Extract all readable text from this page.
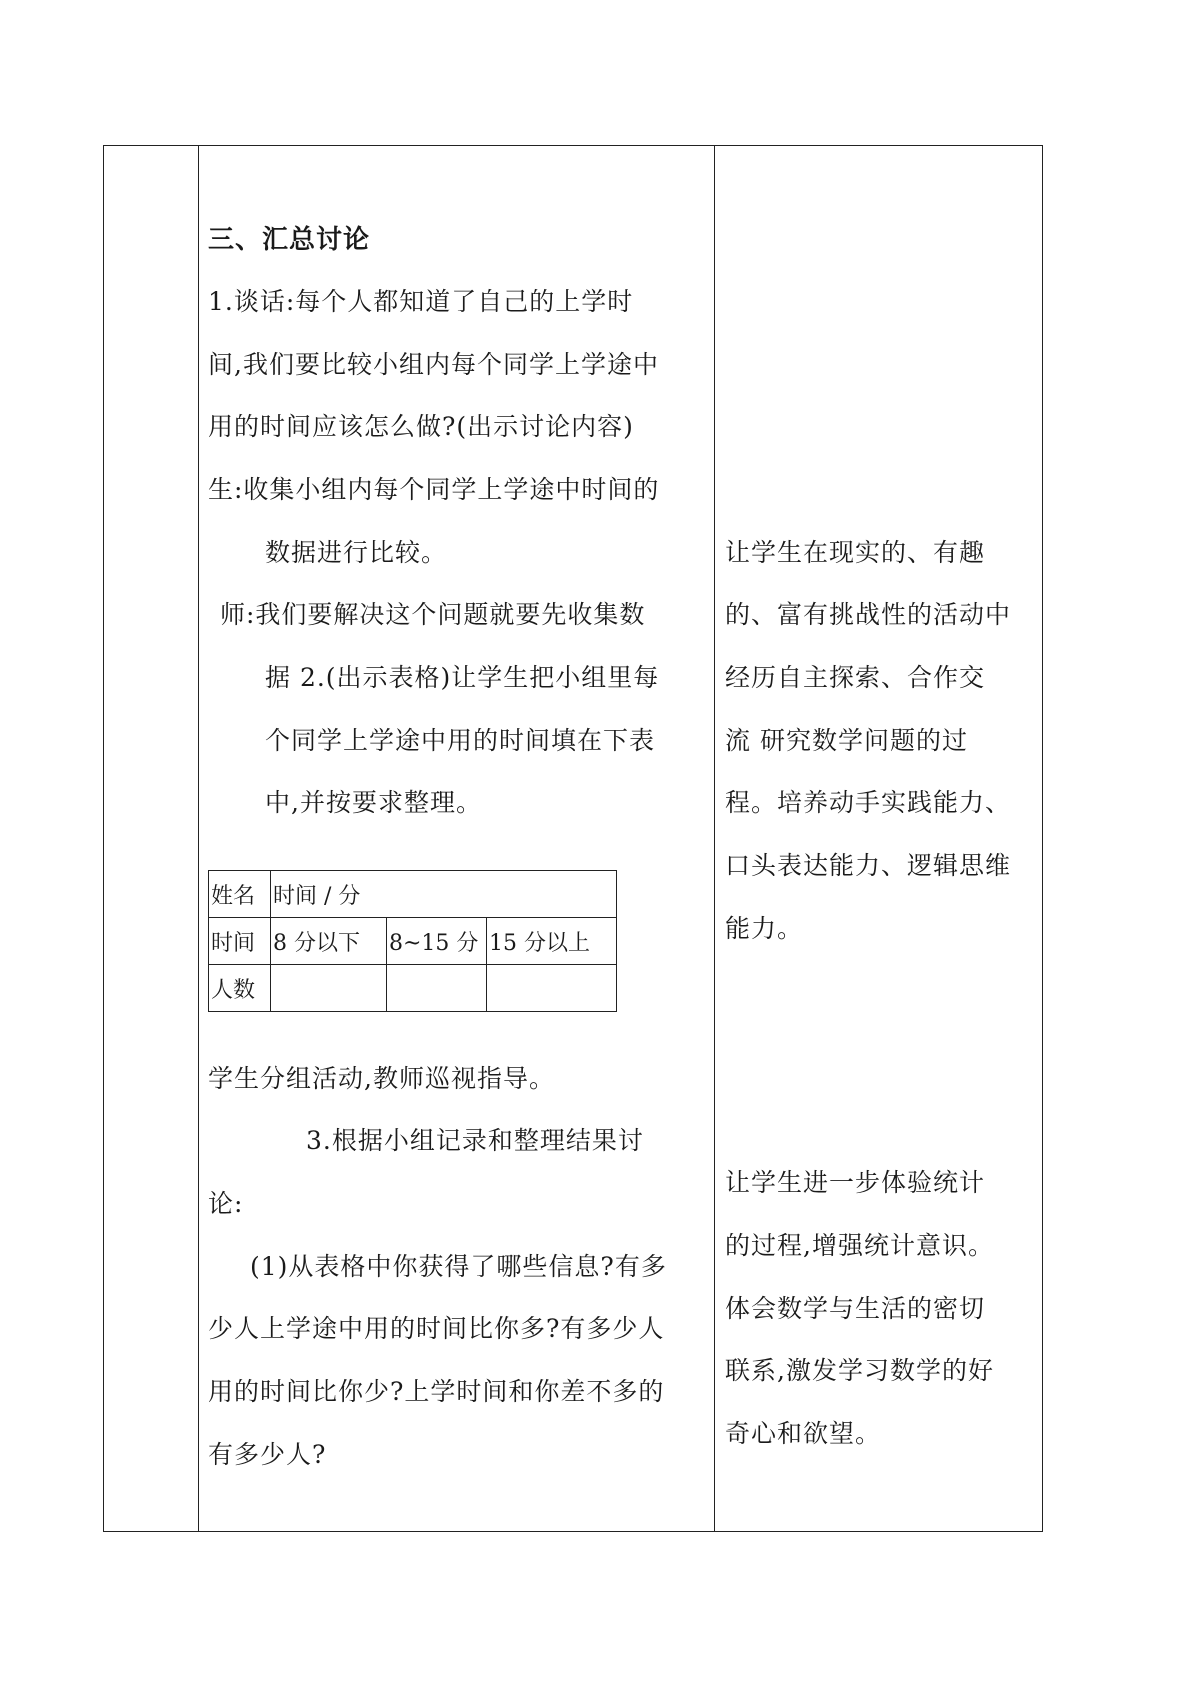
三、汇总讨论
1.谈话:每个人都知道了自己的上学时
间,我们要比较小组内每个同学上学途中
用的时间应该怎么做?(出示讨论内容)
生:收集小组内每个同学上学途中时间的
数据进行比较。
师:我们要解决这个问题就要先收集数
据 2.(出示表格)让学生把小组里每
个同学上学途中用的时间填在下表
中,并按要求整理。
姓名	时间 / 分		
时间	8 分以下	8~15 分	15 分以上
人数			
学生分组活动,教师巡视指导。
3.根据小组记录和整理结果讨
论:
(1)从表格中你获得了哪些信息?有多
少人上学途中用的时间比你多?有多少人
用的时间比你少?上学时间和你差不多的
有多少人?
让学生在现实的、有趣
的、富有挑战性的活动中
经历自主探索、合作交
流 研究数学问题的过
程。培养动手实践能力、
口头表达能力、逻辑思维
能力。
让学生进一步体验统计
的过程,增强统计意识。
体会数学与生活的密切
联系,激发学习数学的好
奇心和欲望。
